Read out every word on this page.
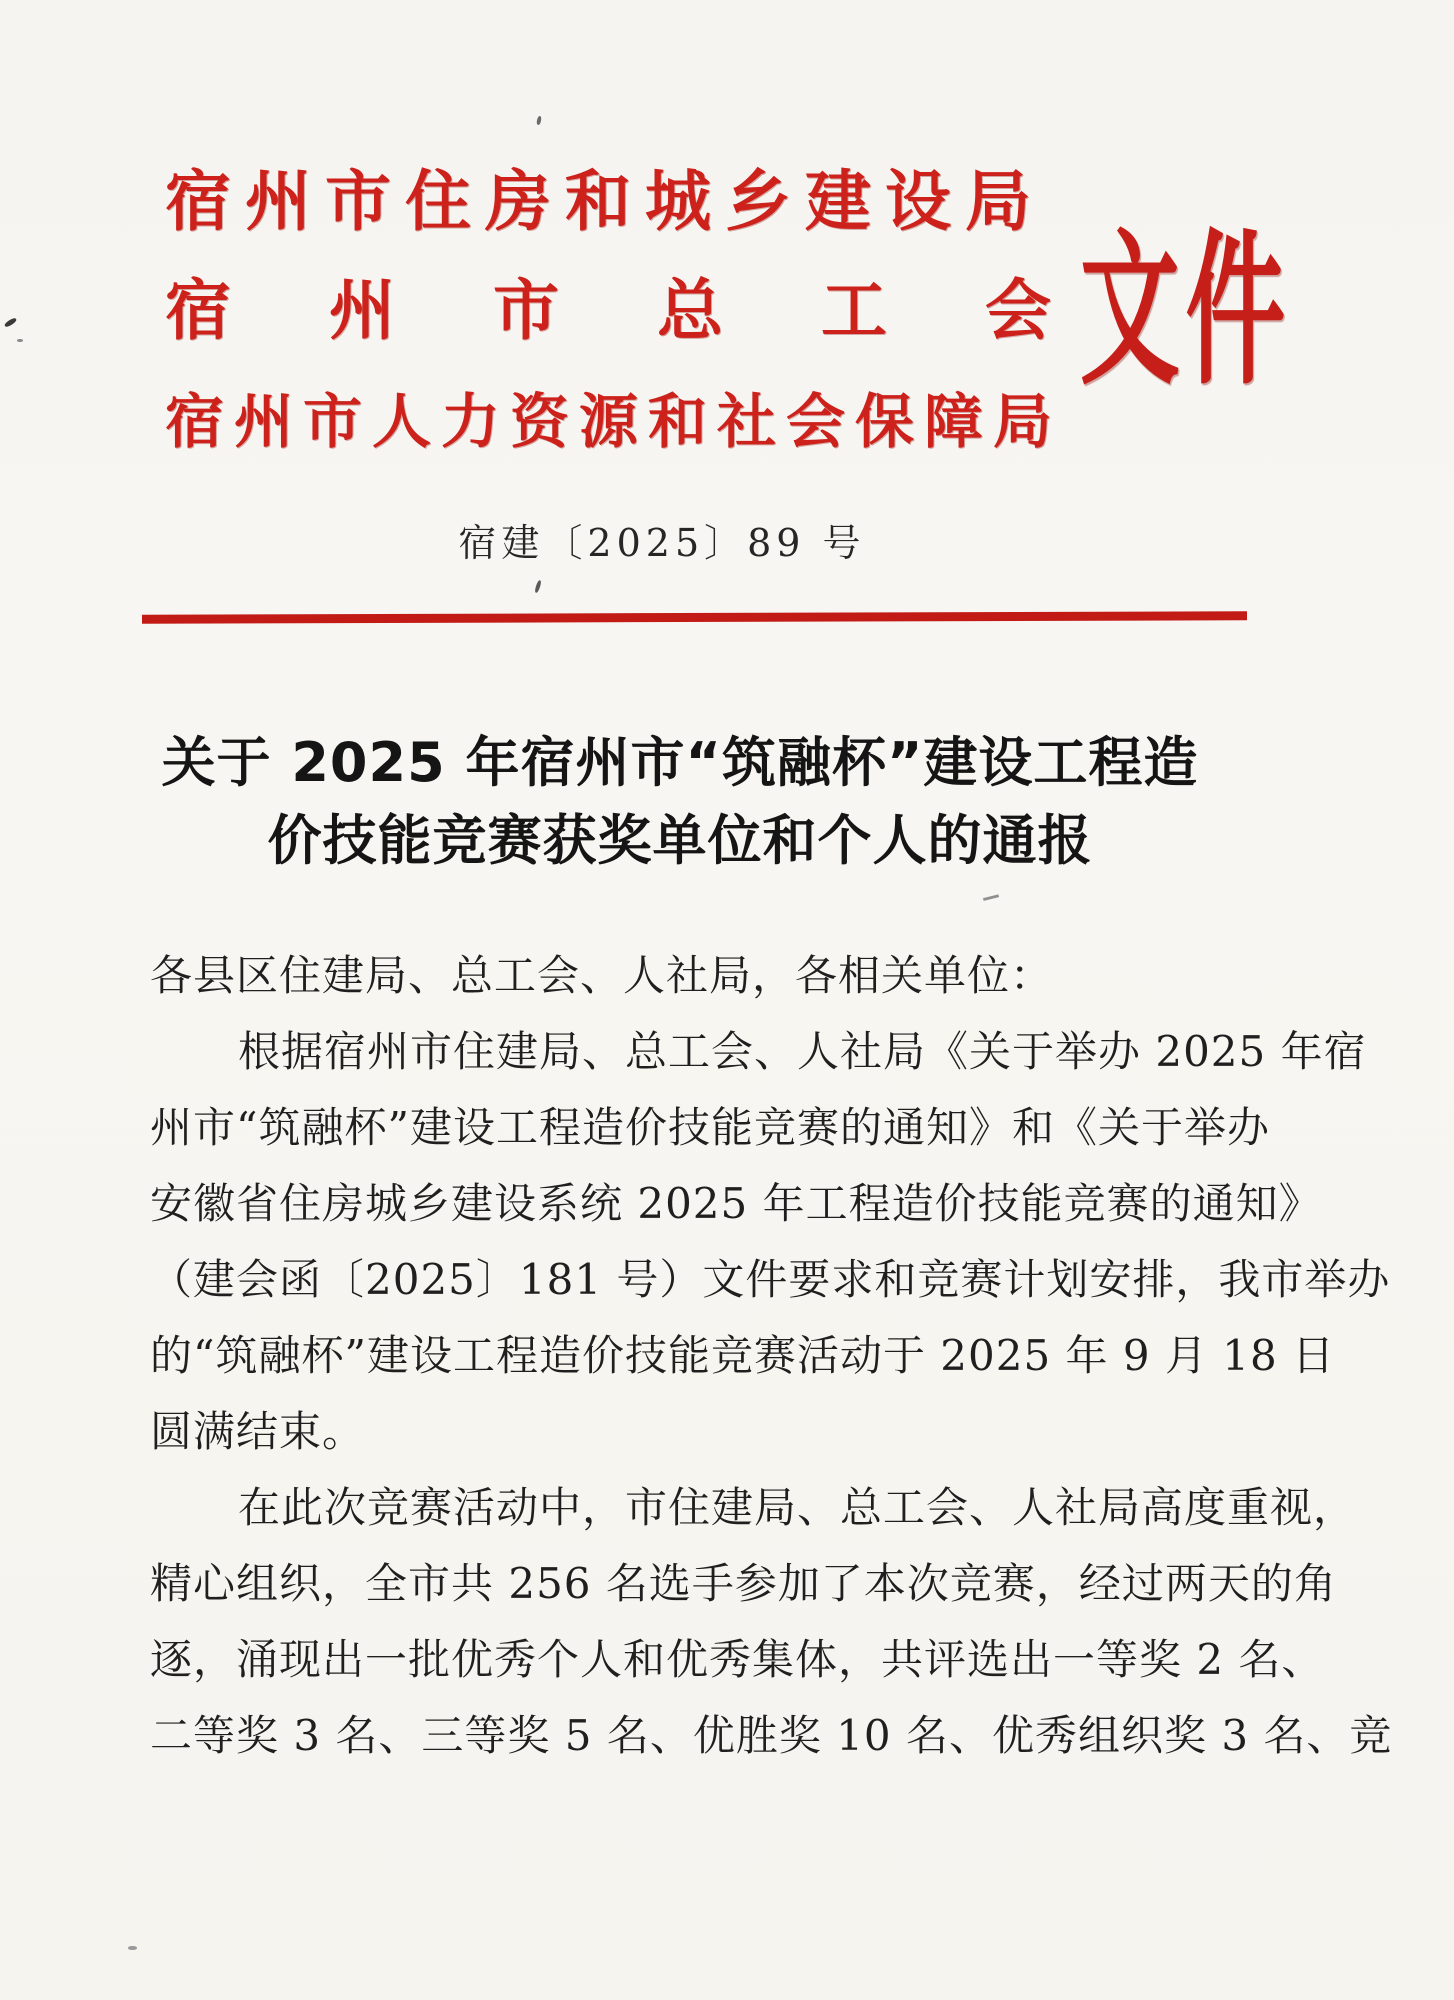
宿州市住房和城乡建设局
宿州市总工会
宿州市人力资源和社会保障局
文件
宿建〔2025〕89 号
关于 2025 年宿州市“筑融杯”建设工程造
价技能竞赛获奖单位和个人的通报
各县区住建局、总工会、人社局，各相关单位：
根据宿州市住建局、总工会、人社局《关于举办 2025 年宿
州市“筑融杯”建设工程造价技能竞赛的通知》和《关于举办
安徽省住房城乡建设系统 2025 年工程造价技能竞赛的通知》
（建会函〔2025〕181 号）文件要求和竞赛计划安排，我市举办
的“筑融杯”建设工程造价技能竞赛活动于 2025 年 9 月 18 日
圆满结束。
在此次竞赛活动中，市住建局、总工会、人社局高度重视，
精心组织，全市共 256 名选手参加了本次竞赛，经过两天的角
逐，涌现出一批优秀个人和优秀集体，共评选出一等奖 2 名、
二等奖 3 名、三等奖 5 名、优胜奖 10 名、优秀组织奖 3 名、竞
